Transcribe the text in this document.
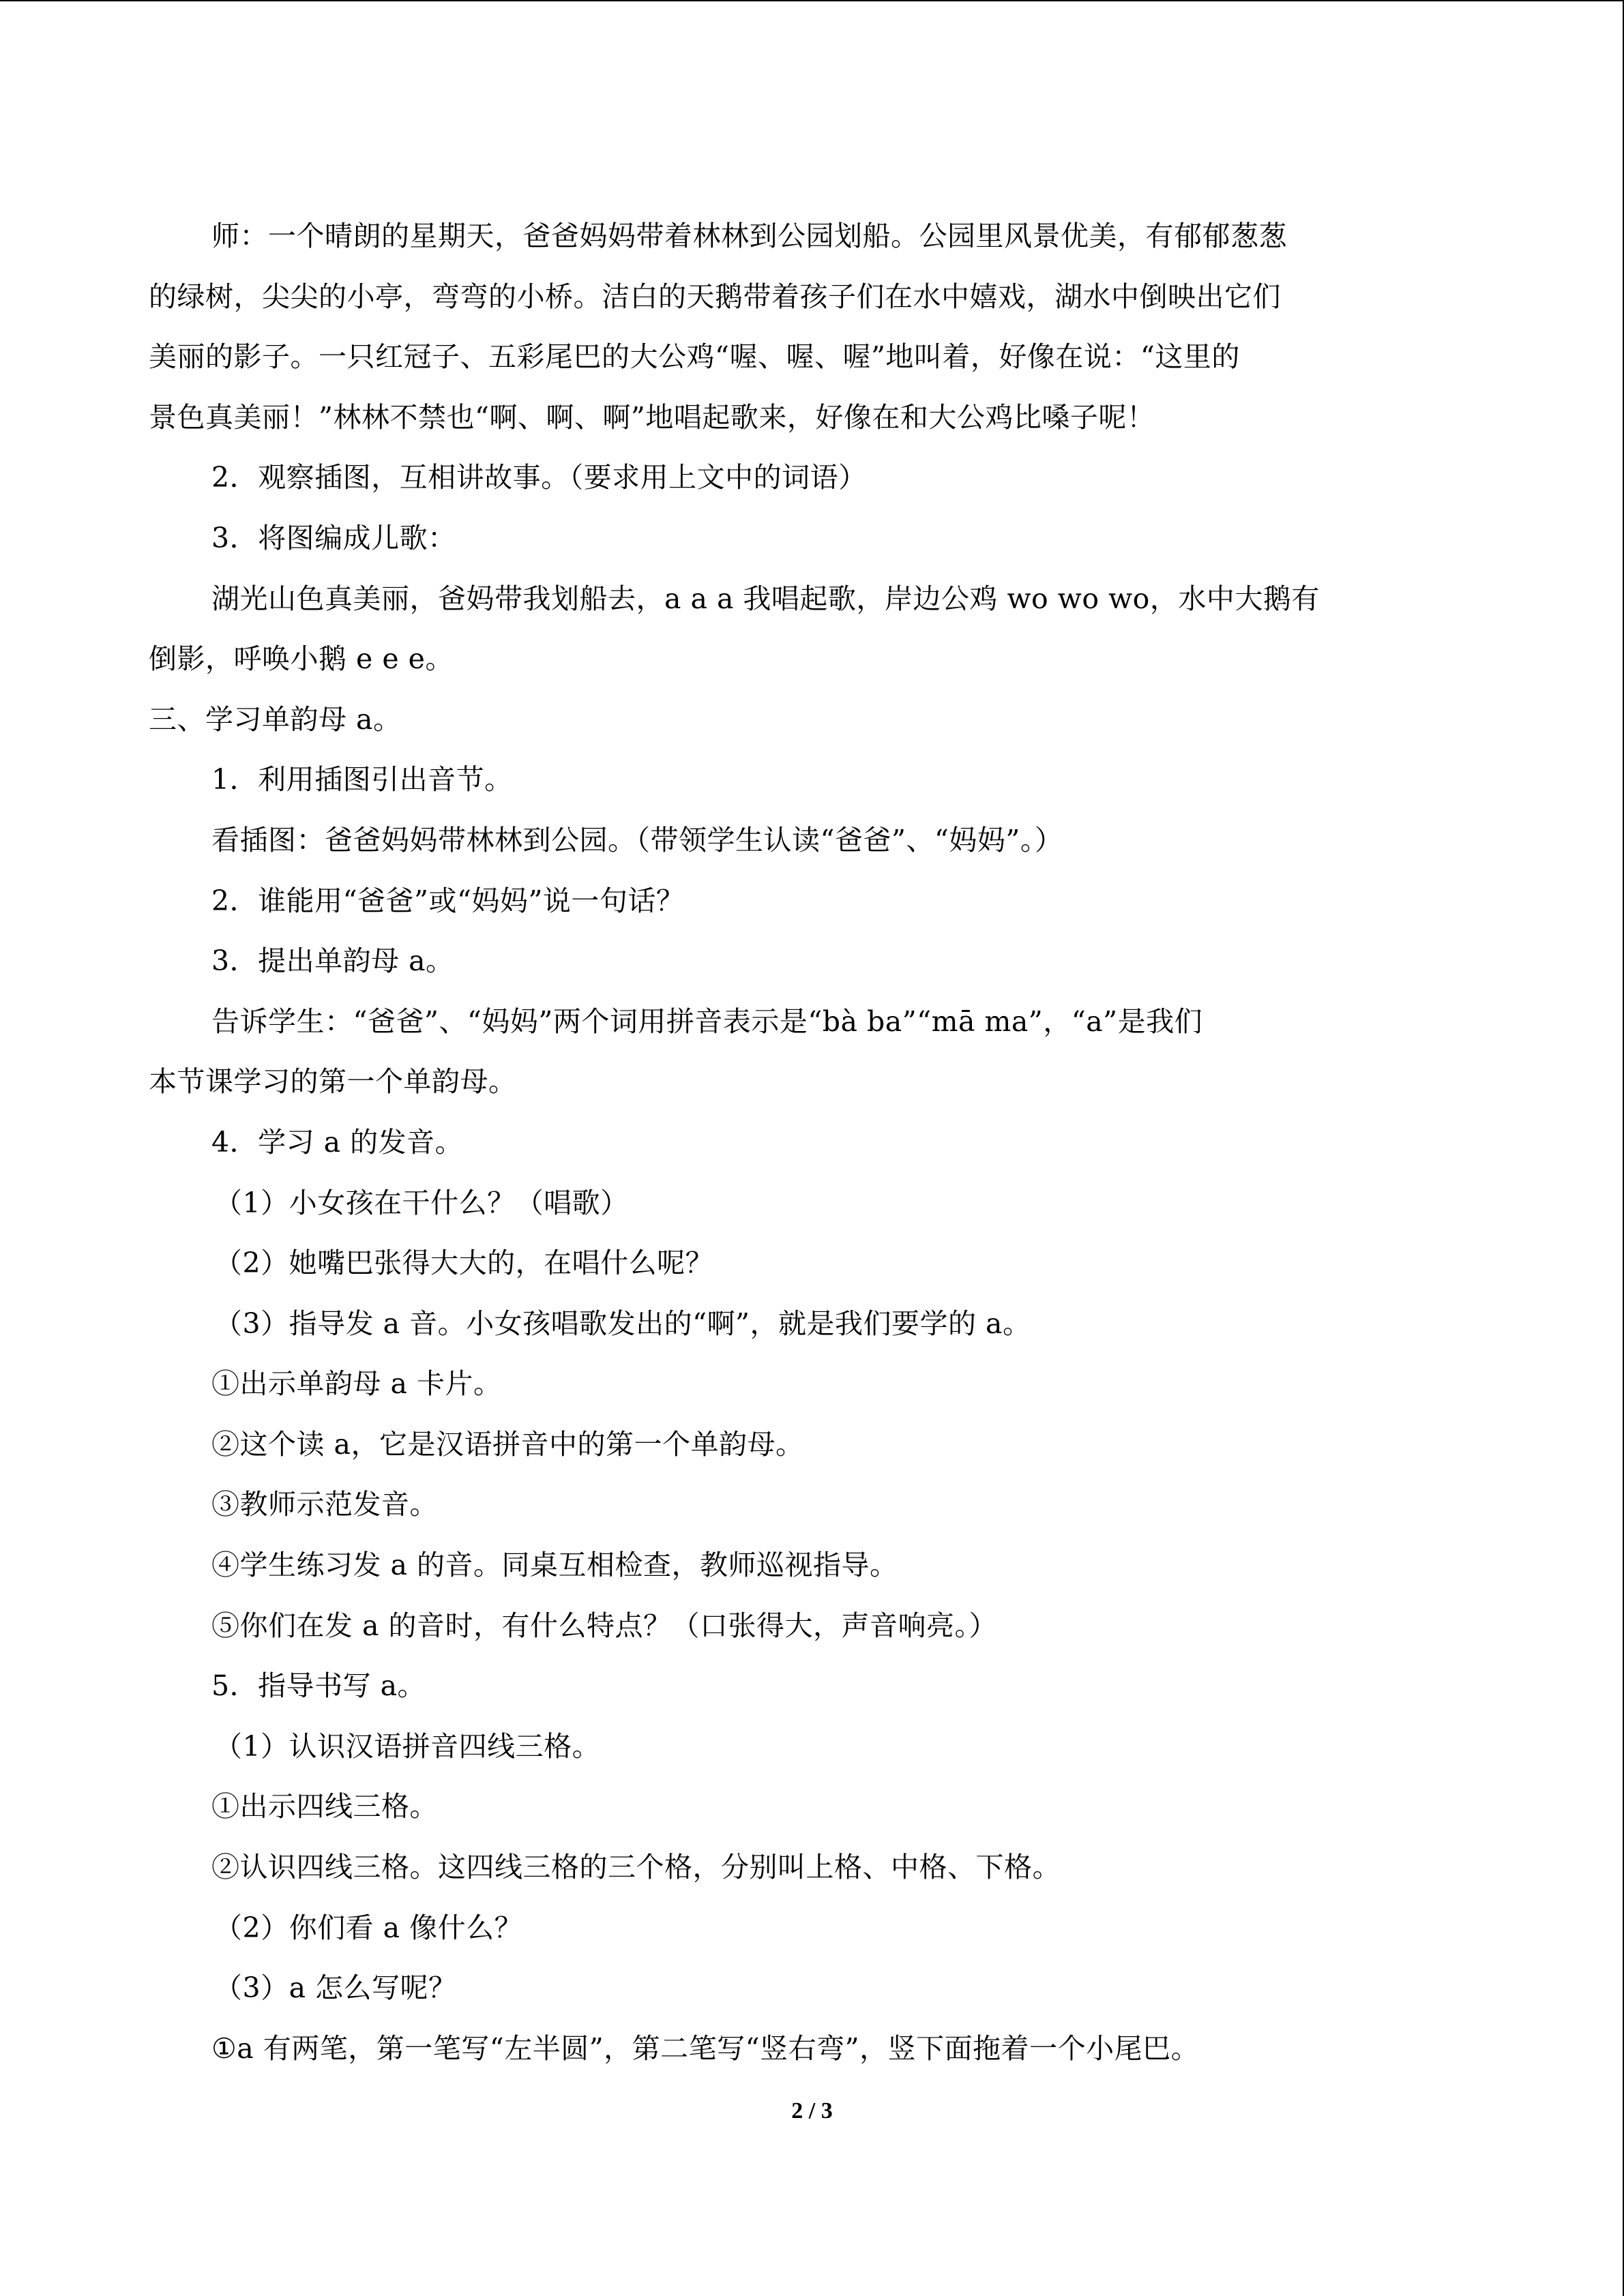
师：一个晴朗的星期天，爸爸妈妈带着林林到公园划船。公园里风景优美，有郁郁葱葱
的绿树，尖尖的小亭，弯弯的小桥。洁白的天鹅带着孩子们在水中嬉戏，湖水中倒映出它们
美丽的影子。一只红冠子、五彩尾巴的大公鸡“喔、喔、喔”地叫着，好像在说：“这里的
景色真美丽！”林林不禁也“啊、啊、啊”地唱起歌来，好像在和大公鸡比嗓子呢！
2．观察插图，互相讲故事。（要求用上文中的词语）
3．将图编成儿歌：
湖光山色真美丽，爸妈带我划船去，a a a 我唱起歌，岸边公鸡 wo wo wo，水中大鹅有
倒影，呼唤小鹅 e e e。
三、学习单韵母 a。
1．利用插图引出音节。
看插图：爸爸妈妈带林林到公园。（带领学生认读“爸爸”、“妈妈”。）
2．谁能用“爸爸”或“妈妈”说一句话？
3．提出单韵母 a。
告诉学生：“爸爸”、“妈妈”两个词用拼音表示是“bà ba”“mā ma”，“a”是我们
本节课学习的第一个单韵母。
4．学习 a 的发音。
（1）小女孩在干什么？（唱歌）
（2）她嘴巴张得大大的，在唱什么呢？
（3）指导发 a 音。小女孩唱歌发出的“啊”，就是我们要学的 a。
①出示单韵母 a 卡片。
②这个读 a，它是汉语拼音中的第一个单韵母。
③教师示范发音。
④学生练习发 a 的音。同桌互相检查，教师巡视指导。
⑤你们在发 a 的音时，有什么特点？（口张得大，声音响亮。）
5．指导书写 a。
（1）认识汉语拼音四线三格。
①出示四线三格。
②认识四线三格。这四线三格的三个格，分别叫上格、中格、下格。
（2）你们看 a 像什么？
（3）a 怎么写呢？
①a 有两笔，第一笔写“左半圆”，第二笔写“竖右弯”，竖下面拖着一个小尾巴。
2 / 3
